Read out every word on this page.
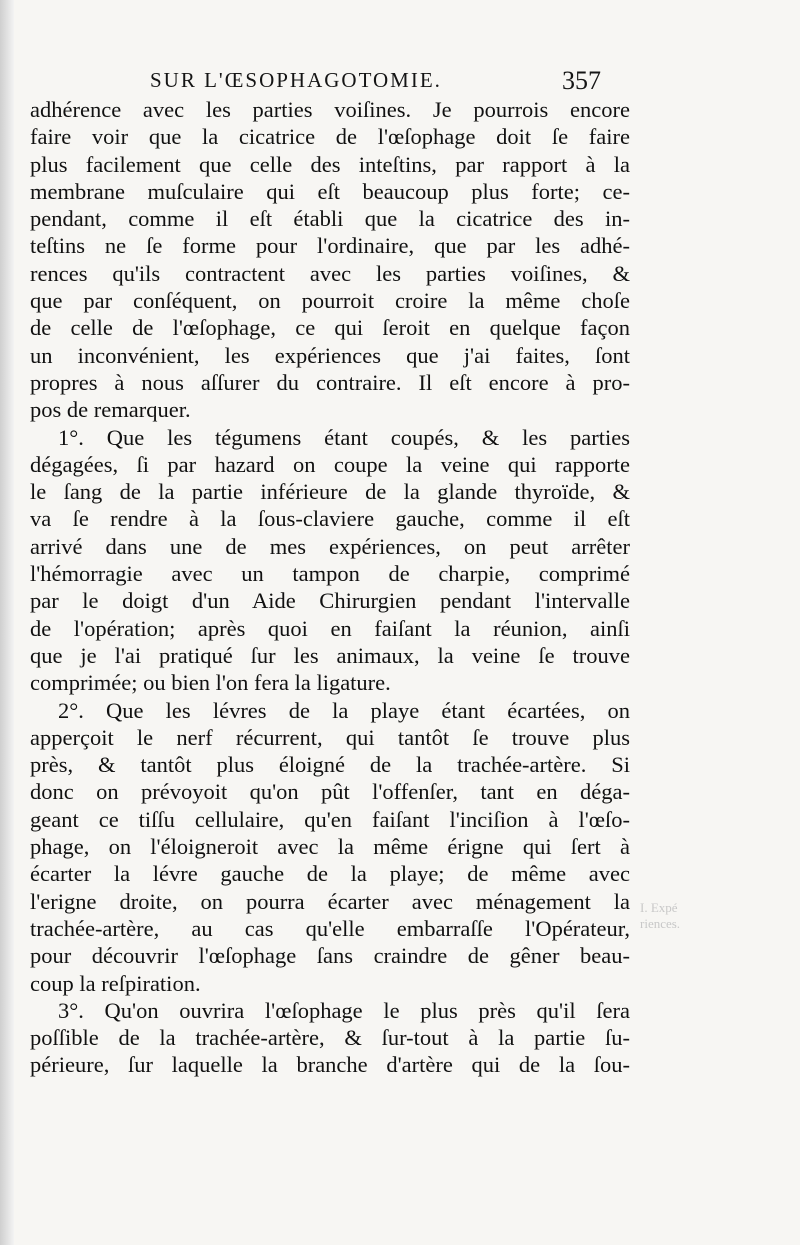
SUR L'ŒSOPHAGOTOMIE.	357
adhérence avec les parties voiſines. Je pourrois encore
faire voir que la cicatrice de l'œſophage doit ſe faire
plus facilement que celle des inteſtins, par rapport à la
membrane muſculaire qui eſt beaucoup plus forte; ce-
pendant, comme il eſt établi que la cicatrice des in-
teſtins ne ſe forme pour l'ordinaire, que par les adhé-
rences qu'ils contractent avec les parties voiſines, &
que par conſéquent, on pourroit croire la même choſe
de celle de l'œſophage, ce qui ſeroit en quelque façon
un inconvénient, les expériences que j'ai faites, ſont
propres à nous aſſurer du contraire. Il eſt encore à pro-
pos de remarquer.
1°. Que les tégumens étant coupés, & les parties
dégagées, ſi par hazard on coupe la veine qui rapporte
le ſang de la partie inférieure de la glande thyroïde, &
va ſe rendre à la ſous-claviere gauche, comme il eſt
arrivé dans une de mes expériences, on peut arrêter
l'hémorragie avec un tampon de charpie, comprimé
par le doigt d'un Aide Chirurgien pendant l'intervalle
de l'opération; après quoi en faiſant la réunion, ainſi
que je l'ai pratiqué ſur les animaux, la veine ſe trouve
comprimée; ou bien l'on fera la ligature.
2°. Que les lévres de la playe étant écartées, on
apperçoit le nerf récurrent, qui tantôt ſe trouve plus
près, & tantôt plus éloigné de la trachée-artère. Si
donc on prévoyoit qu'on pût l'offenſer, tant en déga-
geant ce tiſſu cellulaire, qu'en faiſant l'inciſion à l'œſo-
phage, on l'éloigneroit avec la même érigne qui ſert à
écarter la lévre gauche de la playe; de même avec
l'erigne droite, on pourra écarter avec ménagement la
trachée-artère, au cas qu'elle embarraſſe l'Opérateur,
pour découvrir l'œſophage ſans craindre de gêner beau-
coup la reſpiration.
3°. Qu'on ouvrira l'œſophage le plus près qu'il ſera
poſſible de la trachée-artère, & ſur-tout à la partie ſu-
périeure, ſur laquelle la branche d'artère qui de la ſou-
I. Expé
riences.
